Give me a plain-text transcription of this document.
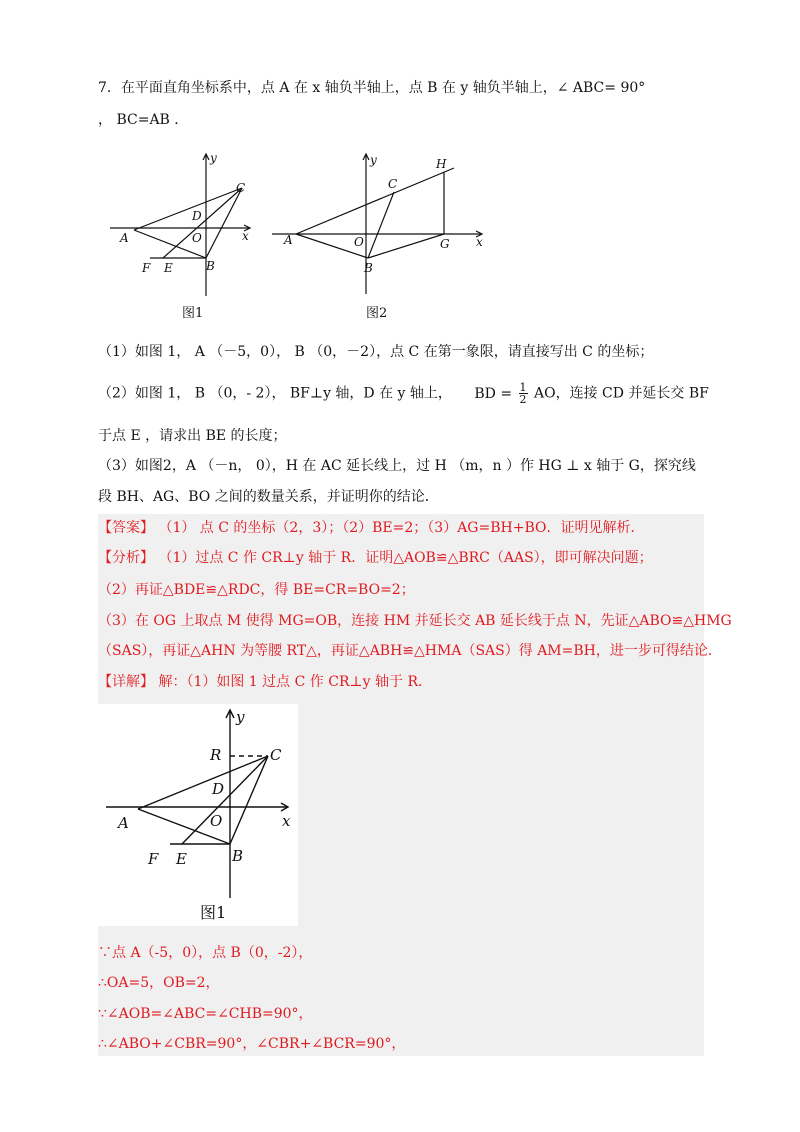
7．在平面直角坐标系中，点 A 在 x 轴负半轴上，点 B 在 y 轴负半轴上，∠ ABC= 90°
， BC=AB ．
y
x
A
C
D
O
B
F E
图1
y
x
A
C
H
O	G
B
图2
（1）如图 1， A （－5，0）， B （0，－2），点 C 在第一象限，请直接写出 C 的坐标；
（2）如图 1， B （0，- 2）， BF⊥y 轴，D 在 y 轴上， BD = $\frac{1}{2}$ AO，连接 CD 并延长交 BF
于点 E ，请求出 BE 的长度；
（3）如图2，A （－n， 0），H 在 AC 延长线上，过 H （m，n ）作 HG ⊥ x 轴于 G，探究线
段 BH、AG、BO 之间的数量关系，并证明你的结论．
【答案】 （1） 点 C 的坐标（2，3）；（2）BE=2；（3）AG=BH+BO．证明见解析．
【分析】 （1）过点 C 作 CR⊥y 轴于 R．证明△AOB≌△BRC（AAS），即可解决问题；
（2）再证△BDE≌△RDC，得 BE=CR=BO=2；
（3）在 OG 上取点 M 使得 MG=OB，连接 HM 并延长交 AB 延长线于点 N，先证△ABO≌△HMG
（SAS），再证△AHN 为等腰 RT△，再证△ABH≌△HMA（SAS）得 AM=BH，进一步可得结论．
【详解】 解：（1）如图 1 过点 C 作 CR⊥y 轴于 R．
y
x
R	C
D
O
A
B
F E
图1
∵点 A（-5，0），点 B（0，-2），
∴OA=5，OB=2，
∵∠AOB=∠ABC=∠CHB=90°，
∴∠ABO+∠CBR=90°，∠CBR+∠BCR=90°，
